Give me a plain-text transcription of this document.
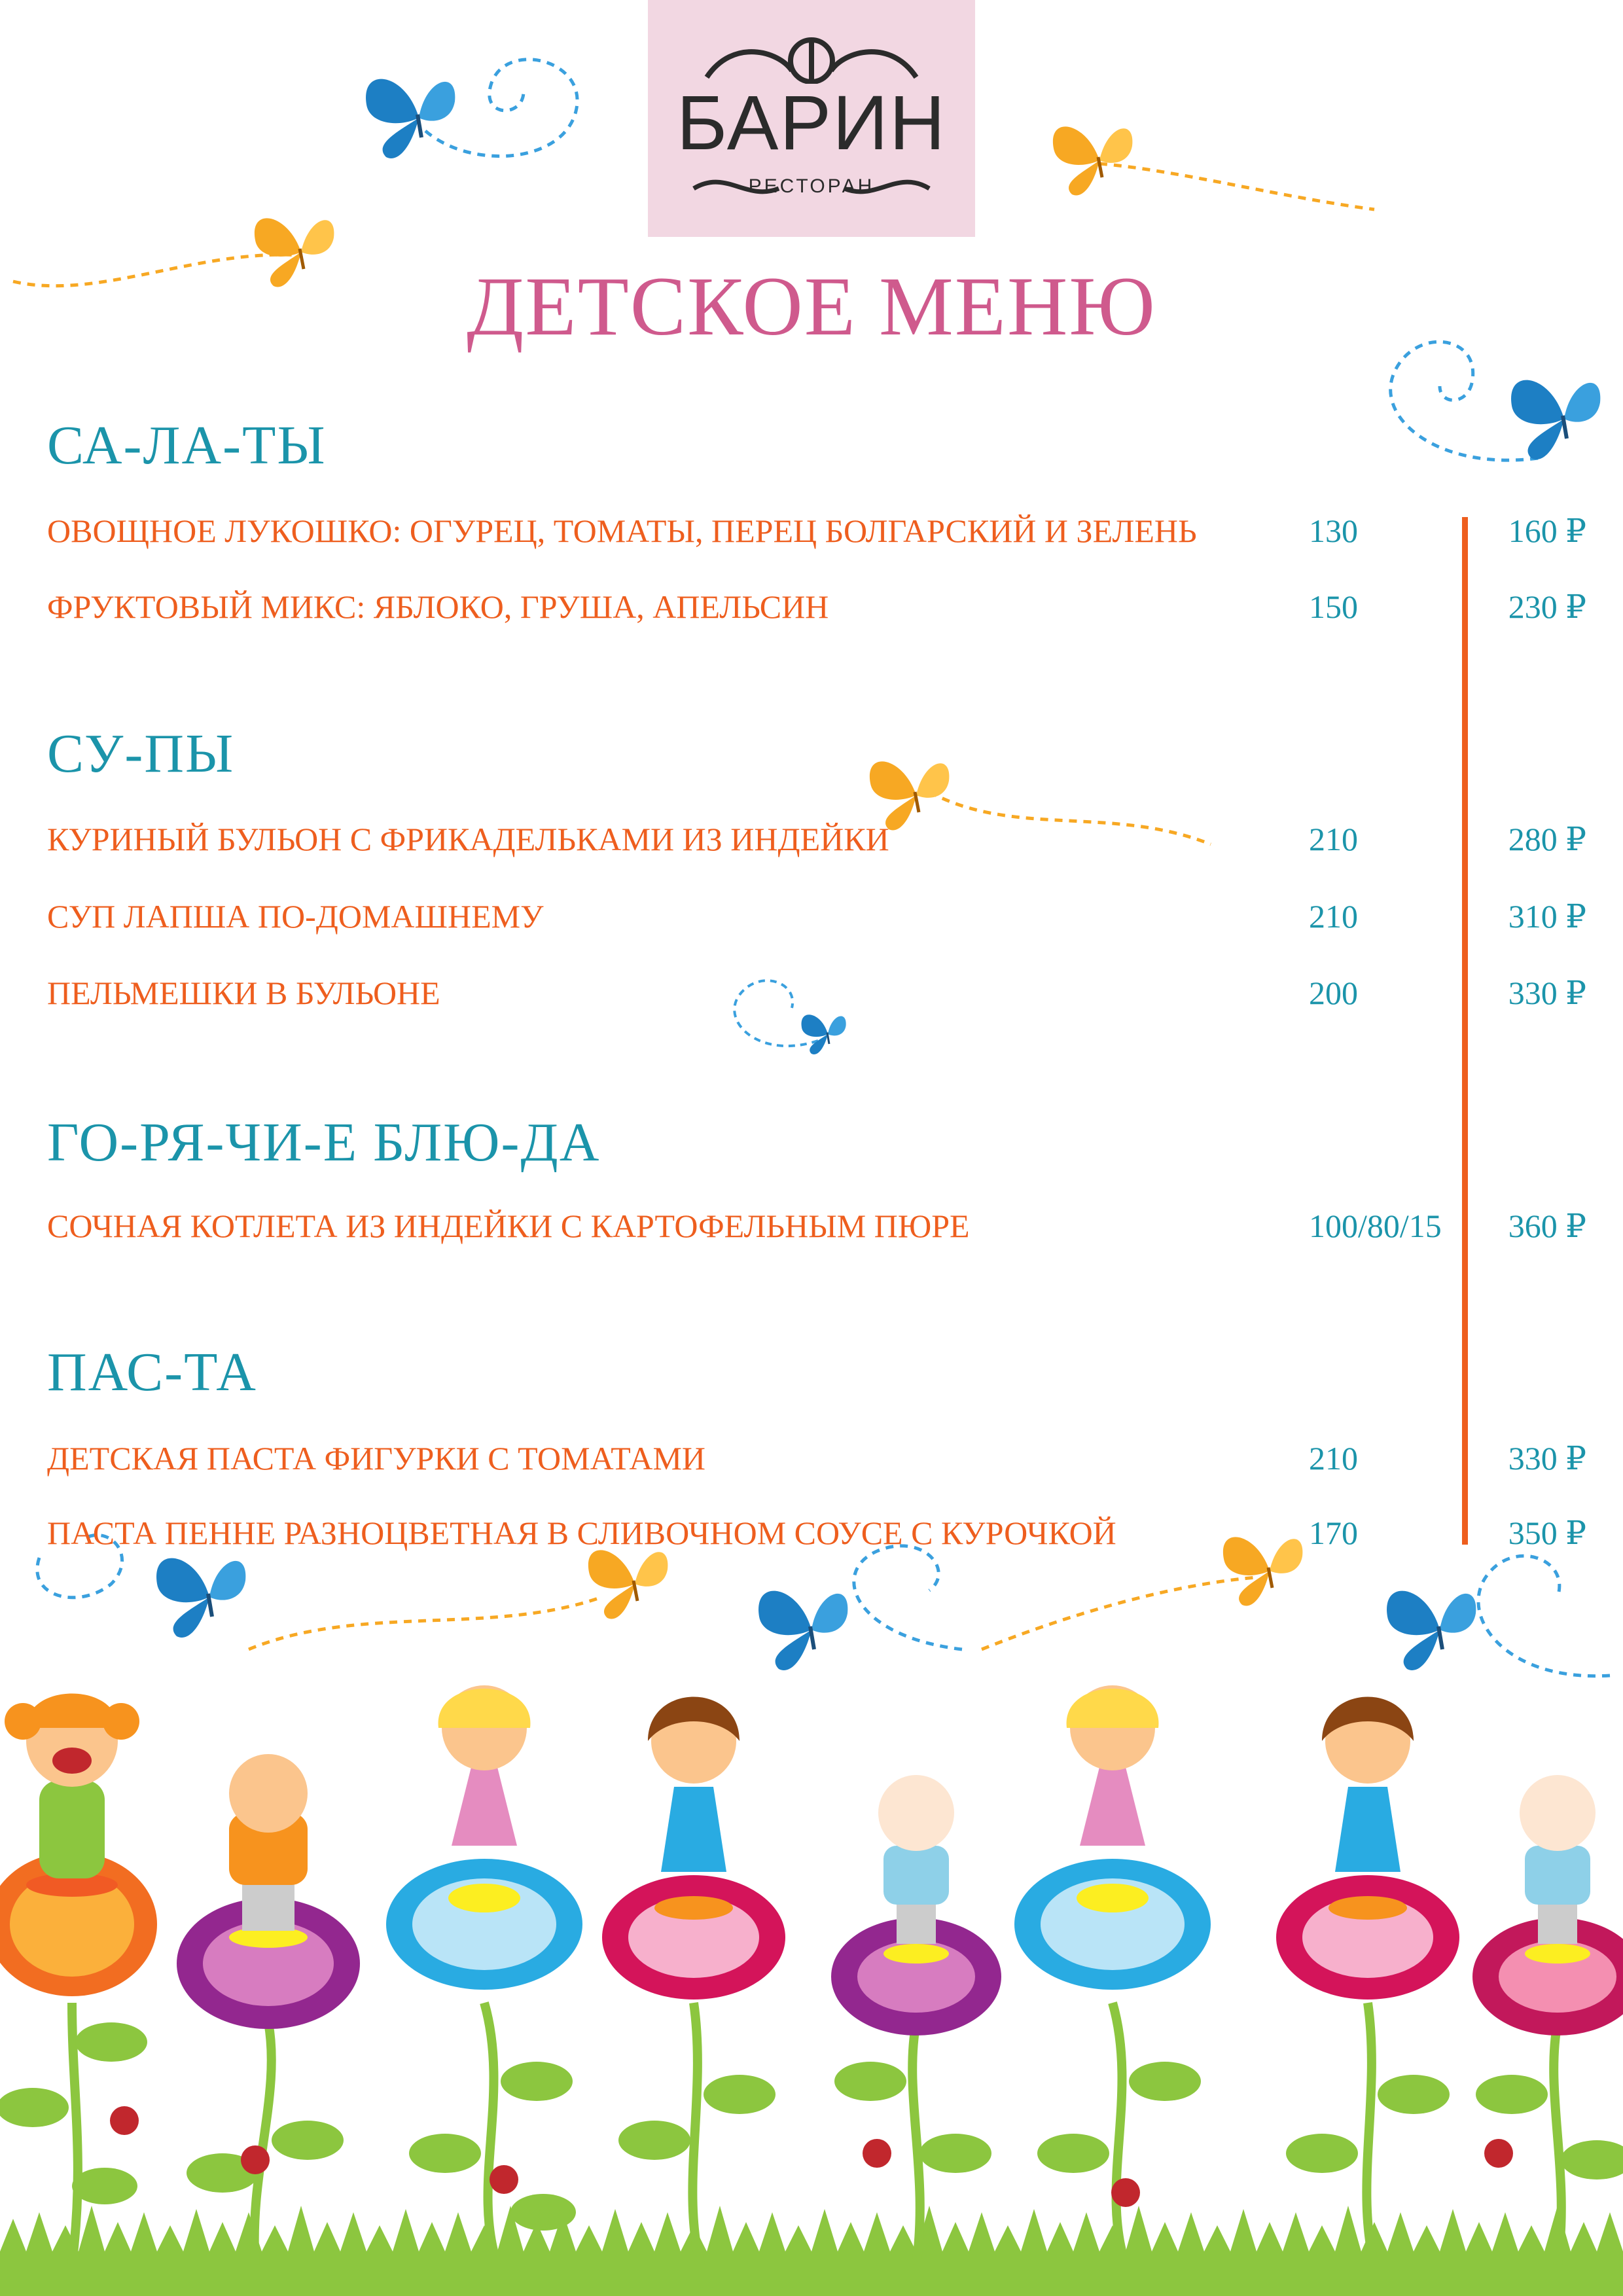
БАРИН
РЕСТОРАН
ДЕТСКОЕ МЕНЮ
СА-ЛА-ТЫ
ОВОЩНОЕ ЛУКОШКО: ОГУРЕЦ, ТОМАТЫ, ПЕРЕЦ БОЛГАРСКИЙ И ЗЕЛЕНЬ	130	160 ₽
ФРУКТОВЫЙ МИКС: ЯБЛОКО, ГРУША, АПЕЛЬСИН	150	230 ₽
СУ-ПЫ
КУРИНЫЙ БУЛЬОН С ФРИКАДЕЛЬКАМИ ИЗ ИНДЕЙКИ	210	280 ₽
СУП ЛАПША ПО-ДОМАШНЕМУ	210	310 ₽
ПЕЛЬМЕШКИ В БУЛЬОНЕ	200	330 ₽
ГО-РЯ-ЧИ-Е БЛЮ-ДА
СОЧНАЯ КОТЛЕТА ИЗ ИНДЕЙКИ С КАРТОФЕЛЬНЫМ ПЮРЕ	100/80/15 360 ₽
ПАС-ТА
ДЕТСКАЯ ПАСТА ФИГУРКИ С ТОМАТАМИ	210	330 ₽
ПАСТА ПЕННЕ РАЗНОЦВЕТНАЯ В СЛИВОЧНОМ СОУСЕ С КУРОЧКОЙ	170	350 ₽
